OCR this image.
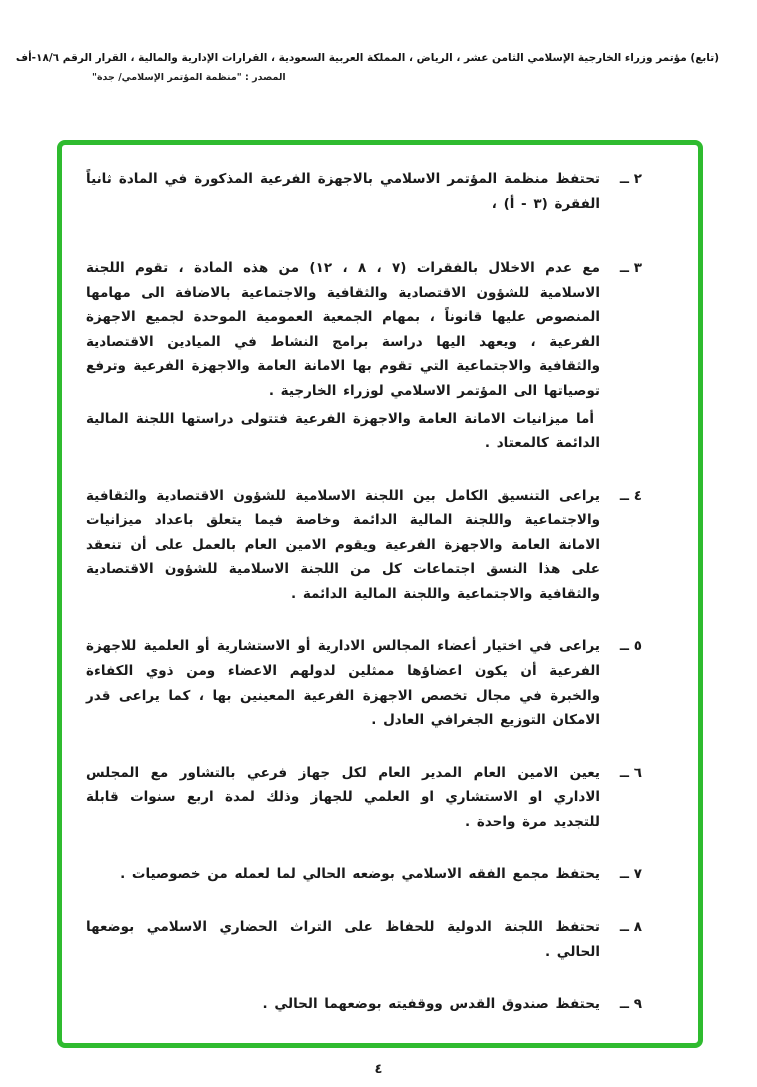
(تابع) مؤتمر وزراء الخارجية الإسلامي الثامن عشر ، الرياض ، المملكة العربية السعودية ، القرارات الإدارية والمالية ، القرار الرقم ١٨/٦-أف
المصدر : "منظمة المؤتمر الإسلامي/ جدة"
٢ ــ

تحتفظ منظمة المؤتمر الاسلامي بالاجهزة الفرعية المذكورة في المادة ثانياً الفقرة (٣ - أ) ،

٣ ــ

مع عدم الاخلال بالفقرات (٧ ، ٨ ، ١٢) من هذه المادة ، تقوم اللجنة الاسلامية للشؤون الاقتصادية والثقافية والاجتماعية بالاضافة الى مهامها المنصوص عليها قانوناً ، بمهام الجمعية العمومية الموحدة لجميع الاجهزة الفرعية ، ويعهد اليها دراسة برامج النشاط في الميادين الاقتصادية والثقافية والاجتماعية التي تقوم بها الامانة العامة والاجهزة الفرعية وترفع توصياتها الى المؤتمر الاسلامي لوزراء الخارجية .

أما ميزانيات الامانة العامة والاجهزة الفرعية فتتولى دراستها اللجنة المالية الدائمة كالمعتاد .

٤ ــ

يراعى التنسيق الكامل بين اللجنة الاسلامية للشؤون الاقتصادية والثقافية والاجتماعية واللجنة المالية الدائمة وخاصة فيما يتعلق باعداد ميزانيات الامانة العامة والاجهزة الفرعية ويقوم الامين العام بالعمل على أن تنعقد على هذا النسق اجتماعات كل من اللجنة الاسلامية للشؤون الاقتصادية والثقافية والاجتماعية واللجنة المالية الدائمة .

٥ ــ

يراعى في اختيار أعضاء المجالس الادارية أو الاستشارية أو العلمية للاجهزة الفرعية أن يكون اعضاؤها ممثلين لدولهم الاعضاء ومن ذوي الكفاءة والخبرة في مجال تخصص الاجهزة الفرعية المعينين بها ، كما يراعى قدر الامكان التوزيع الجغرافي العادل .

٦ ــ

يعين الامين العام المدير العام لكل جهاز فرعي بالتشاور مع المجلس الاداري او الاستشاري او العلمي للجهاز وذلك لمدة اربع سنوات قابلة للتجديد مرة واحدة .

٧ ــ

يحتفظ مجمع الفقه الاسلامي بوضعه الحالي لما لعمله من خصوصيات .

٨ ــ

تحتفظ اللجنة الدولية للحفاظ على التراث الحضاري الاسلامي بوضعها الحالي .

٩ ــ

يحتفظ صندوق القدس ووقفيته بوضعهما الحالي .

٤
